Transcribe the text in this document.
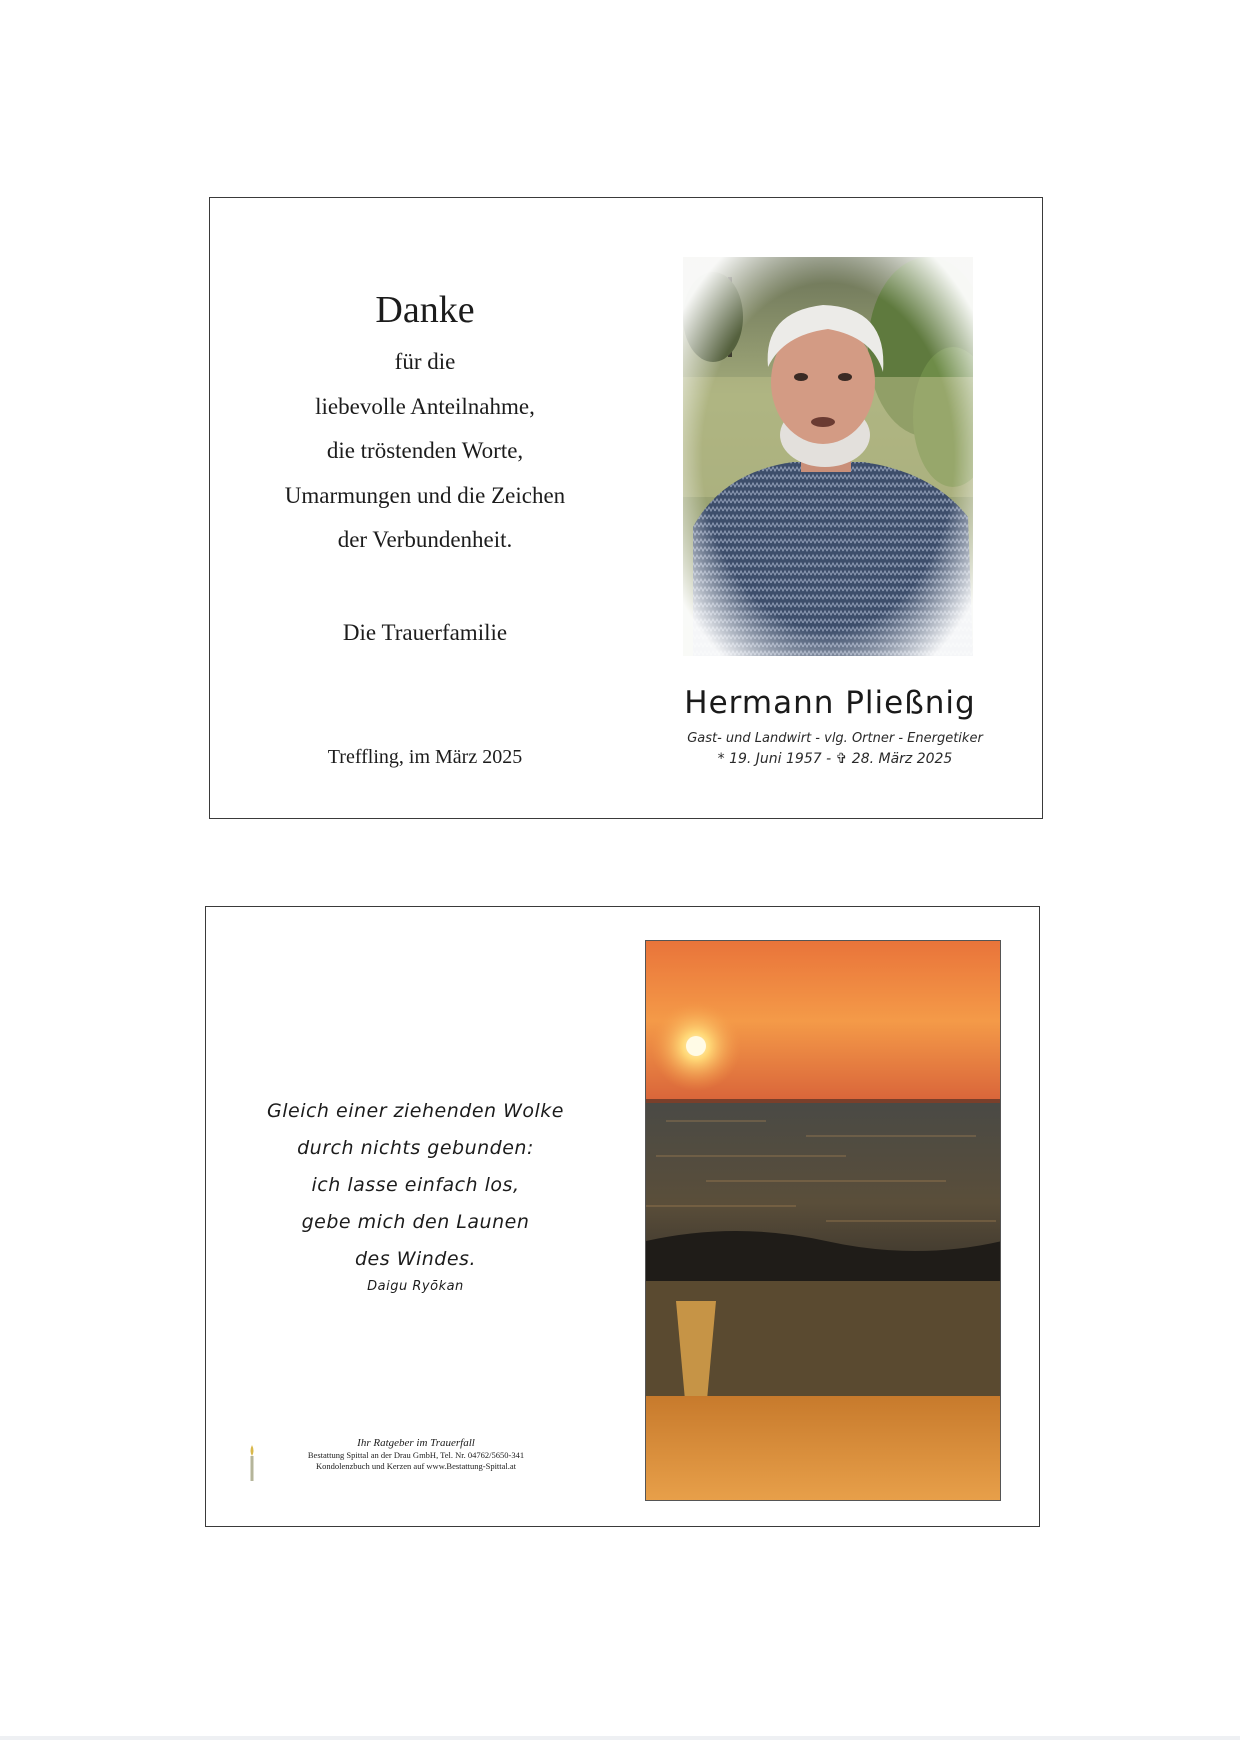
Danke
für die
liebevolle Anteilnahme,
die tröstenden Worte,
Umarmungen und die Zeichen
der Verbundenheit.
Die Trauerfamilie
Treffling, im März 2025
Hermann Pließnig
Gast- und Landwirt - vlg. Ortner - Energetiker
* 19. Juni 1957 - ✞ 28. März 2025
Gleich einer ziehenden Wolke
durch nichts gebunden:
ich lasse einfach los,
gebe mich den Launen
des Windes.
Daigu Ryōkan
Ihr Ratgeber im Trauerfall
Bestattung Spittal an der Drau GmbH, Tel. Nr. 04762/5650-341
Kondolenzbuch und Kerzen auf www.Bestattung-Spittal.at
